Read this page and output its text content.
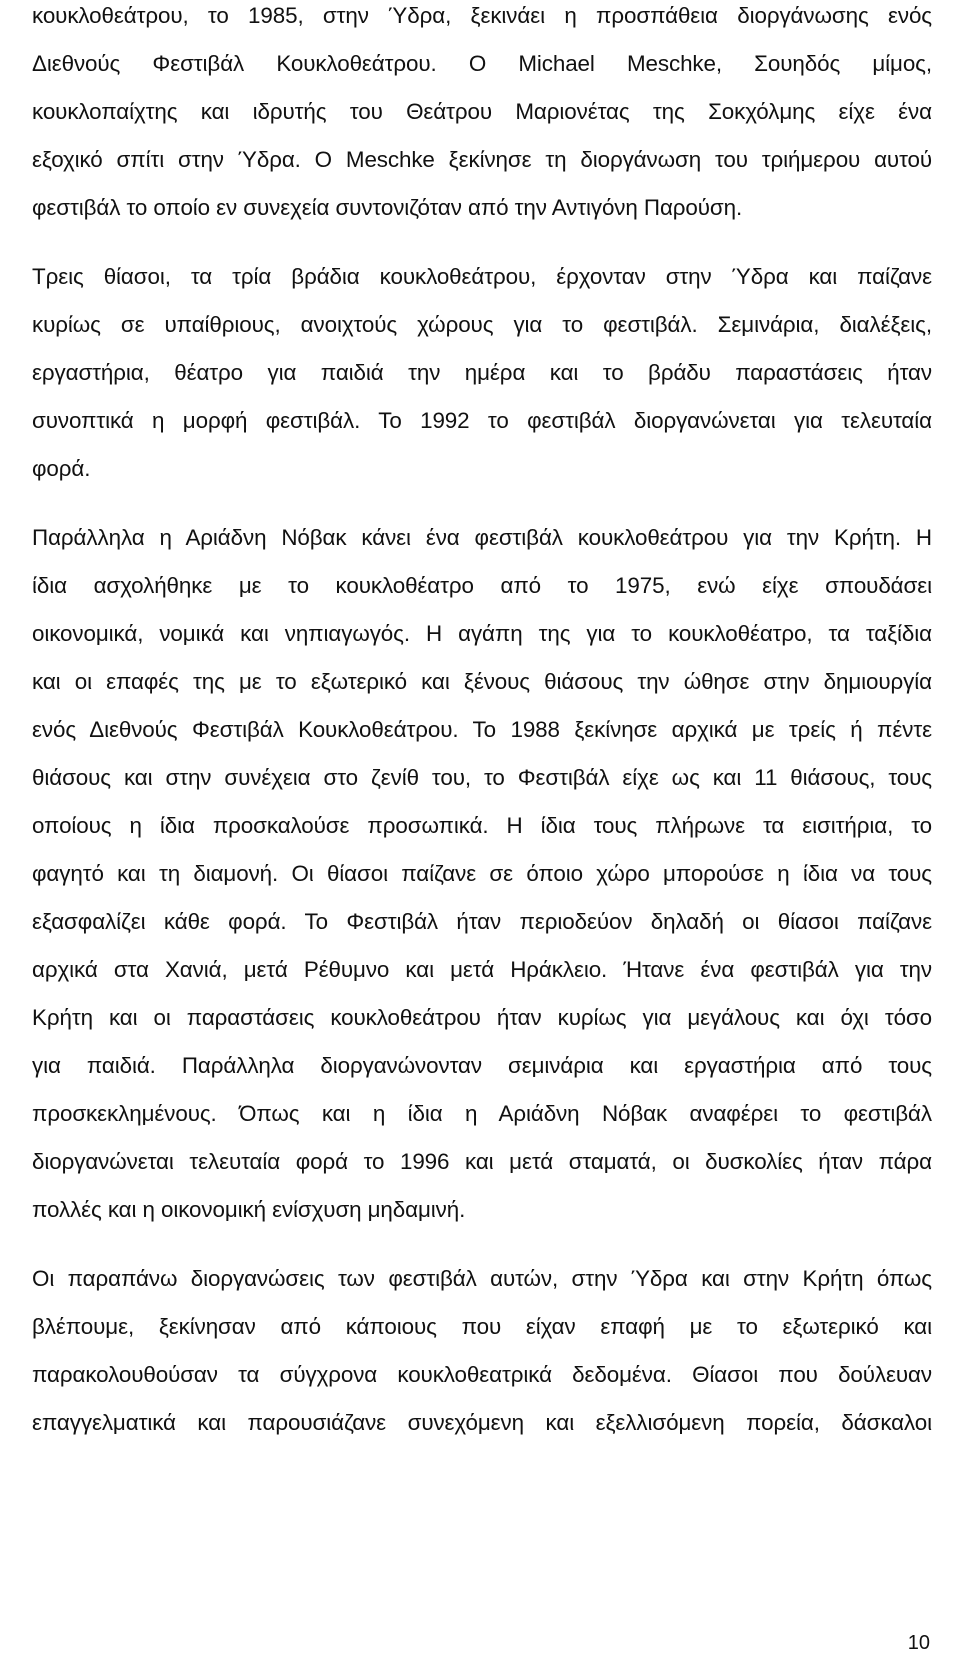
κουκλοθεάτρου, το 1985, στην Ύδρα, ξεκινάει η προσπάθεια διοργάνωσης ενός
Διεθνούς Φεστιβάλ Κουκλοθεάτρου. Ο Michael Meschke, Σουηδός μίμος,
κουκλοπαίχτης και ιδρυτής του Θεάτρου Μαριονέτας της Σοκχόλμης είχε ένα
εξοχικό σπίτι στην Ύδρα. Ο Meschke ξεκίνησε τη διοργάνωση του τριήμερου αυτού
φεστιβάλ το οποίο εν συνεχεία συντονιζόταν από την Αντιγόνη Παρούση.
Τρεις θίασοι, τα τρία βράδια κουκλοθεάτρου, έρχονταν στην Ύδρα και παίζανε
κυρίως σε υπαίθριους, ανοιχτούς χώρους για το φεστιβάλ. Σεμινάρια, διαλέξεις,
εργαστήρια, θέατρο για παιδιά την ημέρα και το βράδυ παραστάσεις ήταν
συνοπτικά η μορφή φεστιβάλ. Το 1992 το φεστιβάλ διοργανώνεται για τελευταία
φορά.
Παράλληλα η Αριάδνη Νόβακ κάνει ένα φεστιβάλ κουκλοθεάτρου για την Κρήτη. Η
ίδια ασχολήθηκε με το κουκλοθέατρο από το 1975, ενώ είχε σπουδάσει
οικονομικά, νομικά και νηπιαγωγός. Η αγάπη της για το κουκλοθέατρο, τα ταξίδια
και οι επαφές της με το εξωτερικό και ξένους θιάσους την ώθησε στην δημιουργία
ενός Διεθνούς Φεστιβάλ Κουκλοθεάτρου. Το 1988 ξεκίνησε αρχικά με τρείς ή πέντε
θιάσους και στην συνέχεια στο ζενίθ του, το Φεστιβάλ είχε ως και 11 θιάσους, τους
οποίους η ίδια προσκαλούσε προσωπικά. Η ίδια τους πλήρωνε τα εισιτήρια, το
φαγητό και τη διαμονή. Οι θίασοι παίζανε σε όποιο χώρο μπορούσε η ίδια να τους
εξασφαλίζει κάθε φορά. Το Φεστιβάλ ήταν περιοδεύον δηλαδή οι θίασοι παίζανε
αρχικά στα Χανιά, μετά Ρέθυμνο και μετά Ηράκλειο. Ήτανε ένα φεστιβάλ για την
Κρήτη και οι παραστάσεις κουκλοθεάτρου ήταν κυρίως για μεγάλους και όχι τόσο
για παιδιά. Παράλληλα διοργανώνονταν σεμινάρια και εργαστήρια από τους
προσκεκλημένους. Όπως και η ίδια η Αριάδνη Νόβακ αναφέρει το φεστιβάλ
διοργανώνεται τελευταία φορά το 1996 και μετά σταματά, οι δυσκολίες ήταν πάρα
πολλές και η οικονομική ενίσχυση μηδαμινή.
Οι παραπάνω διοργανώσεις των φεστιβάλ αυτών, στην Ύδρα και στην Κρήτη όπως
βλέπουμε, ξεκίνησαν από κάποιους που είχαν επαφή με το εξωτερικό και
παρακολουθούσαν τα σύγχρονα κουκλοθεατρικά δεδομένα. Θίασοι που δούλευαν
επαγγελματικά και παρουσιάζανε συνεχόμενη και εξελλισόμενη πορεία, δάσκαλοι
10
